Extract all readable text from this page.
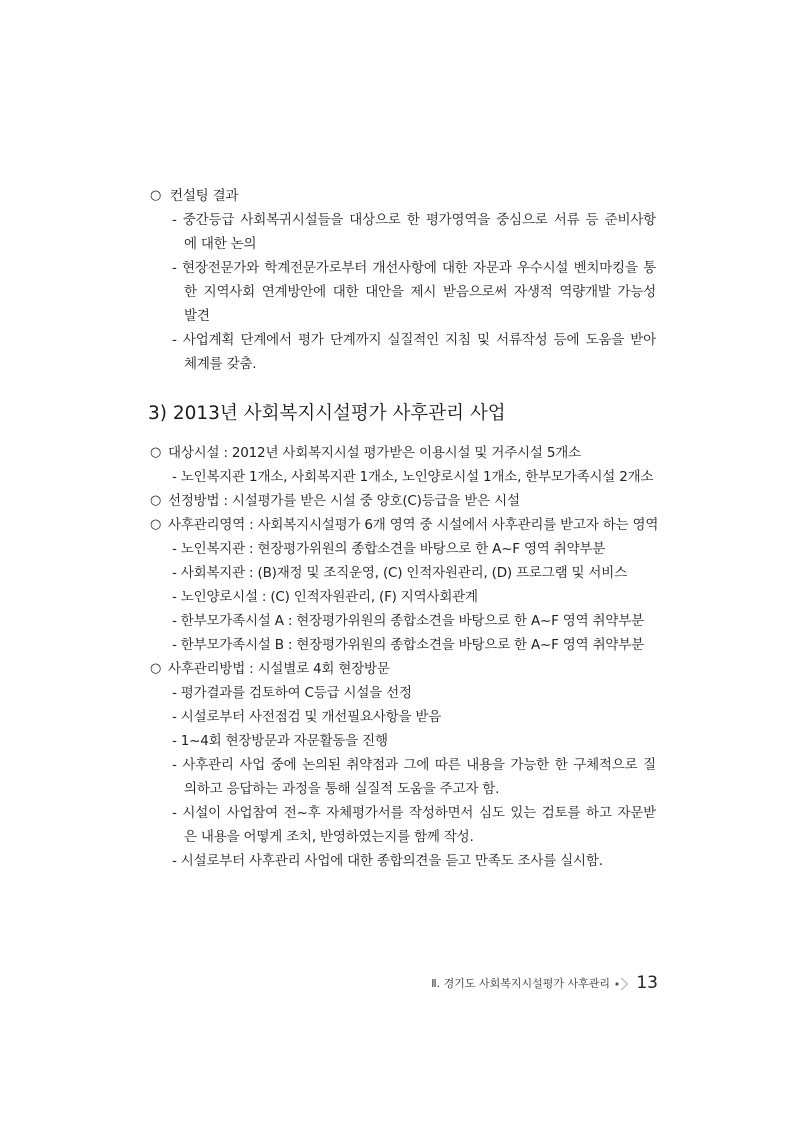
○ 컨설팅 결과
- 중간등급 사회복귀시설들을 대상으로 한 평가영역을 중심으로 서류 등 준비사항
에 대한 논의
- 현장전문가와 학계전문가로부터 개선사항에 대한 자문과 우수시설 벤치마킹을 통
한 지역사회 연계방안에 대한 대안을 제시 받음으로써 자생적 역량개발 가능성
발견
- 사업계획 단계에서 평가 단계까지 실질적인 지침 및 서류작성 등에 도움을 받아
체계를 갖춤.
3) 2013년 사회복지시설평가 사후관리 사업
○ 대상시설 : 2012년 사회복지시설 평가받은 이용시설 및 거주시설 5개소
- 노인복지관 1개소, 사회복지관 1개소, 노인양로시설 1개소, 한부모가족시설 2개소
○ 선정방법 : 시설평가를 받은 시설 중 양호(C)등급을 받은 시설
○ 사후관리영역 : 사회복지시설평가 6개 영역 중 시설에서 사후관리를 받고자 하는 영역
- 노인복지관 : 현장평가위원의 종합소견을 바탕으로 한 A~F 영역 취약부분
- 사회복지관 : (B)재정 및 조직운영, (C) 인적자원관리, (D) 프로그램 및 서비스
- 노인양로시설 : (C) 인적자원관리, (F) 지역사회관계
- 한부모가족시설 A : 현장평가위원의 종합소견을 바탕으로 한 A~F 영역 취약부분
- 한부모가족시설 B : 현장평가위원의 종합소견을 바탕으로 한 A~F 영역 취약부분
○ 사후관리방법 : 시설별로 4회 현장방문
- 평가결과를 검토하여 C등급 시설을 선정
- 시설로부터 사전점검 및 개선필요사항을 받음
- 1~4회 현장방문과 자문활동을 진행
- 사후관리 사업 중에 논의된 취약점과 그에 따른 내용을 가능한 한 구체적으로 질
의하고 응답하는 과정을 통해 실질적 도움을 주고자 함.
- 시설이 사업참여 전~후 자체평가서를 작성하면서 심도 있는 검토를 하고 자문받
은 내용을 어떻게 조치, 반영하였는지를 함께 작성.
- 시설로부터 사후관리 사업에 대한 종합의견을 듣고 만족도 조사를 실시함.
Ⅱ. 경기도 사회복지시설평가 사후관리 13
